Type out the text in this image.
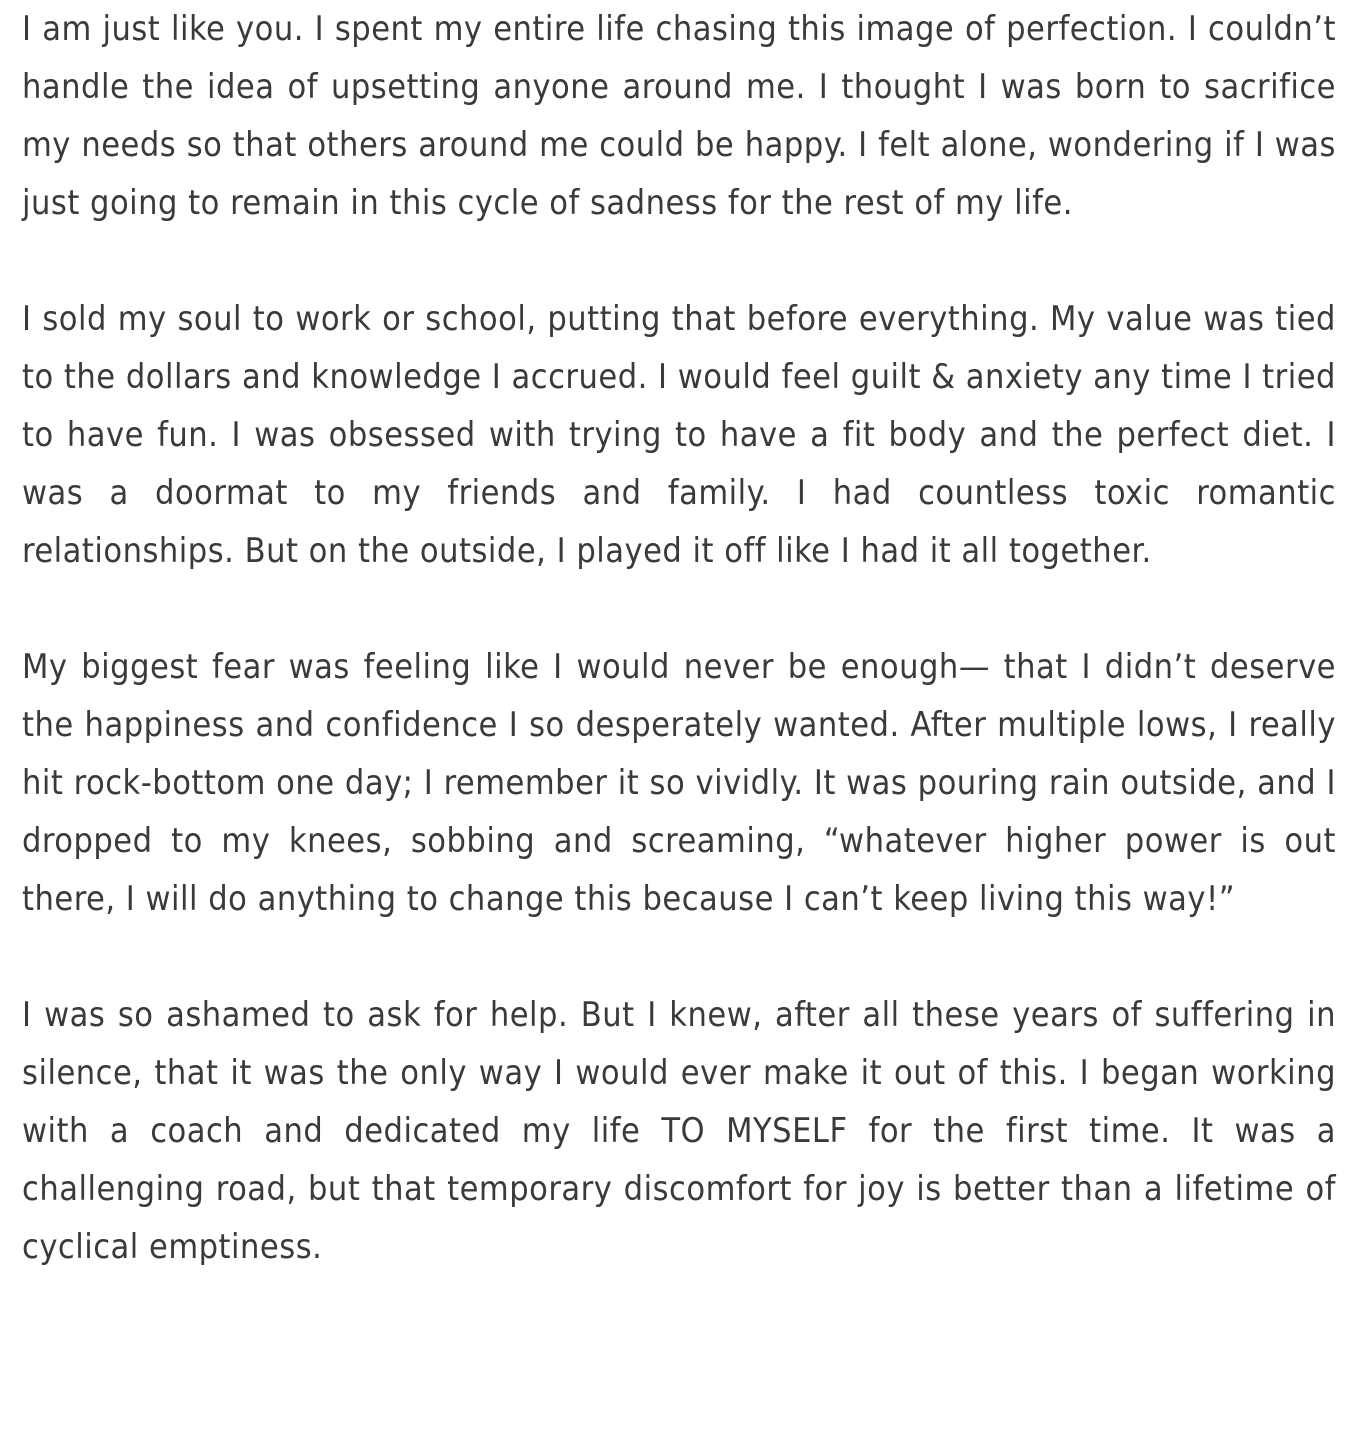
I am just like you. I spent my entire life chasing this image of perfection. I couldn’t handle the idea of upsetting anyone around me. I thought I was born to sacrifice my needs so that others around me could be happy. I felt alone, wondering if I was just going to remain in this cycle of sadness for the rest of my life.

I sold my soul to work or school, putting that before everything. My value was tied to the dollars and knowledge I accrued. I would feel guilt & anxiety any time I tried to have fun. I was obsessed with trying to have a fit body and the perfect diet. I was a doormat to my friends and family. I had countless toxic romantic relationships. But on the outside, I played it off like I had it all together.

My biggest fear was feeling like I would never be enough— that I didn’t deserve the happiness and confidence I so desperately wanted. After multiple lows, I really hit rock-bottom one day; I remember it so vividly. It was pouring rain outside, and I dropped to my knees, sobbing and screaming, “whatever higher power is out there, I will do anything to change this because I can’t keep living this way!”

I was so ashamed to ask for help. But I knew, after all these years of suffering in silence, that it was the only way I would ever make it out of this. I began working with a coach and dedicated my life TO MYSELF for the first time. It was a challenging road, but that temporary discomfort for joy is better than a lifetime of cyclical emptiness.
